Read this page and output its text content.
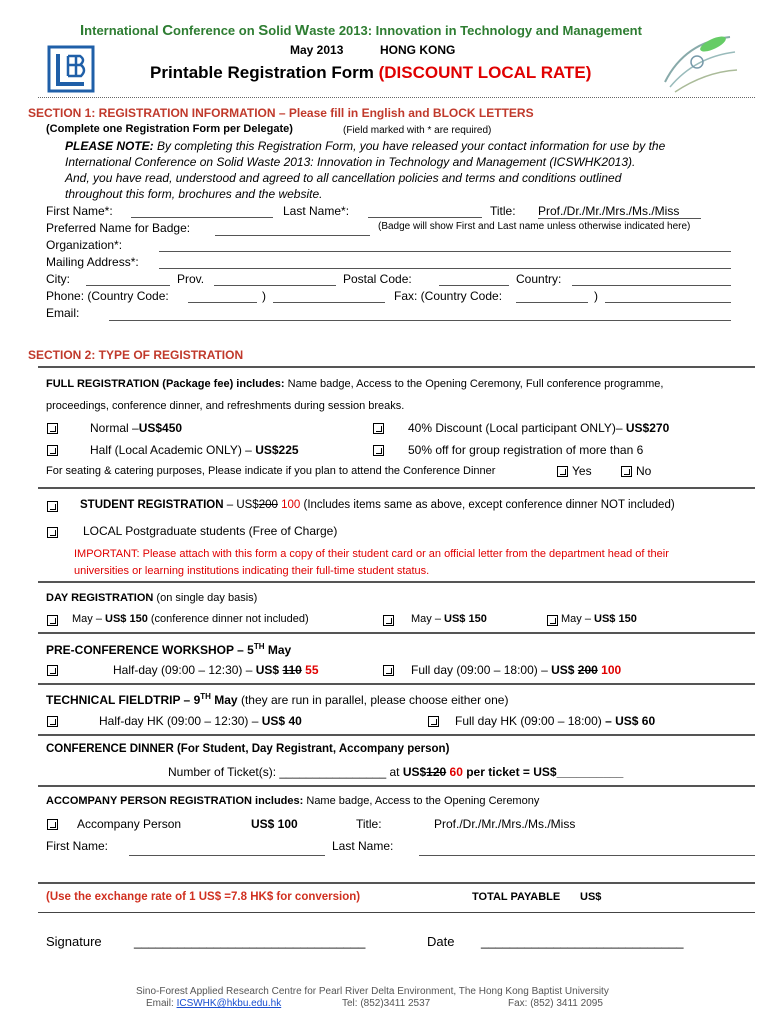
International Conference on Solid Waste 2013: Innovation in Technology and Management
May 2013	HONG KONG
Printable Registration Form (DISCOUNT LOCAL RATE)
SECTION 1: REGISTRATION INFORMATION – Please fill in English and BLOCK LETTERS
(Complete one Registration Form per Delegate)	(Field marked with * are required)
PLEASE NOTE: By completing this Registration Form, you have released your contact information for use by the
International Conference on Solid Waste 2013: Innovation in Technology and Management (ICSWHK2013).
And, you have read, understood and agreed to all cancellation policies and terms and conditions outlined
throughout this form, brochures and the website.
First Name*:	Last Name*:	Title: Prof./Dr./Mr./Mrs./Ms./Miss
Preferred Name for Badge:	(Badge will show First and Last name unless otherwise indicated here)
Organization*:
Mailing Address*:
City:	Prov.	Postal Code:	Country:
Phone: (Country Code:	)	Fax: (Country Code:	)
Email:
SECTION 2: TYPE OF REGISTRATION
FULL REGISTRATION (Package fee) includes: Name badge, Access to the Opening Ceremony, Full conference programme,
proceedings, conference dinner, and refreshments during session breaks.
Normal –US$450	40% Discount (Local participant ONLY)– US$270
Half (Local Academic ONLY) – US$225	50% off for group registration of more than 6
For seating & catering purposes, Please indicate if you plan to attend the Conference Dinner	Yes	No
STUDENT REGISTRATION – US$200 100 (Includes items same as above, except conference dinner NOT included)
LOCAL Postgraduate students (Free of Charge)
IMPORTANT: Please attach with this form a copy of their student card or an official letter from the department head of their
universities or learning institutions indicating their full-time student status.
DAY REGISTRATION (on single day basis)
May – US$ 150 (conference dinner not included)	May – US$ 150	May – US$ 150
PRE-CONFERENCE WORKSHOP – 5TH May
Half-day (09:00 – 12:30) – US$ 110 55	Full day (09:00 – 18:00) – US$ 200 100
TECHNICAL FIELDTRIP – 9TH May (they are run in parallel, please choose either one)
Half-day HK (09:00 – 12:30) – US$ 40	Full day HK (09:00 – 18:00) – US$ 60
CONFERENCE DINNER (For Student, Day Registrant, Accompany person)
Number of Ticket(s): ________________ at US$120 60 per ticket = US$__________
ACCOMPANY PERSON REGISTRATION includes: Name badge, Access to the Opening Ceremony
Accompany Person	US$ 100	Title:	Prof./Dr./Mr./Mrs./Ms./Miss
First Name:	Last Name:
(Use the exchange rate of 1 US$ =7.8 HK$ for conversion)	TOTAL PAYABLE US$
Signature ________________________________	Date ____________________________
Sino-Forest Applied Research Centre for Pearl River Delta Environment, The Hong Kong Baptist University
Email: ICSWHK@hkbu.edu.hk	Tel: (852)3411 2537	Fax: (852) 3411 2095
